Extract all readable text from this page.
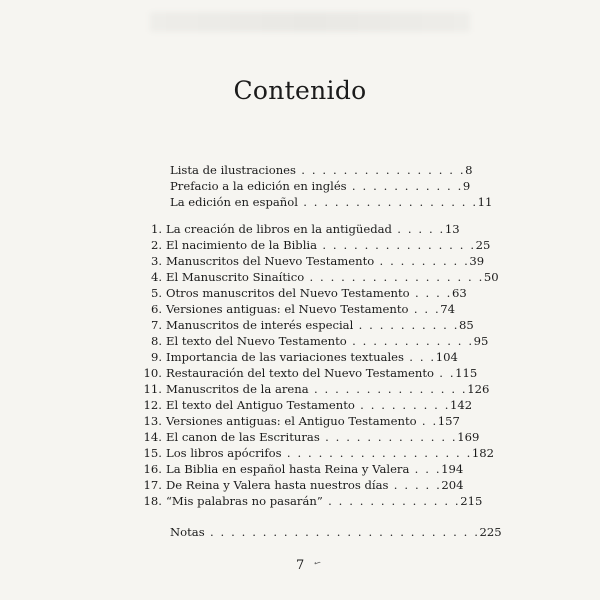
Contenido
Lista de ilustraciones . . . . . . . . . . . . . . . .8
Prefacio a la edición en inglés . . . . . . . . . . .9
La edición en español . . . . . . . . . . . . . . . . .11
1. La creación de libros en la antigüedad . . . . .13
2. El nacimiento de la Biblia . . . . . . . . . . . . . . .25
3. Manuscritos del Nuevo Testamento . . . . . . . . .39
4. El Manuscrito Sinaítico . . . . . . . . . . . . . . . . .50
5. Otros manuscritos del Nuevo Testamento . . . .63
6. Versiones antiguas: el Nuevo Testamento . . .74
7. Manuscritos de interés especial . . . . . . . . . .85
8. El texto del Nuevo Testamento . . . . . . . . . . . .95
9. Importancia de las variaciones textuales . . .104
10. Restauración del texto del Nuevo Testamento . .115
11. Manuscritos de la arena . . . . . . . . . . . . . . .126
12. El texto del Antiguo Testamento . . . . . . . . .142
13. Versiones antiguas: el Antiguo Testamento . .157
14. El canon de las Escrituras . . . . . . . . . . . . .169
15. Los libros apócrifos . . . . . . . . . . . . . . . . . .182
16. La Biblia en español hasta Reina y Valera . . .194
17. De Reina y Valera hasta nuestros días . . . . .204
18. “Mis palabras no pasarán” . . . . . . . . . . . . .215
Notas . . . . . . . . . . . . . . . . . . . . . . . . . .225
7 ✓
